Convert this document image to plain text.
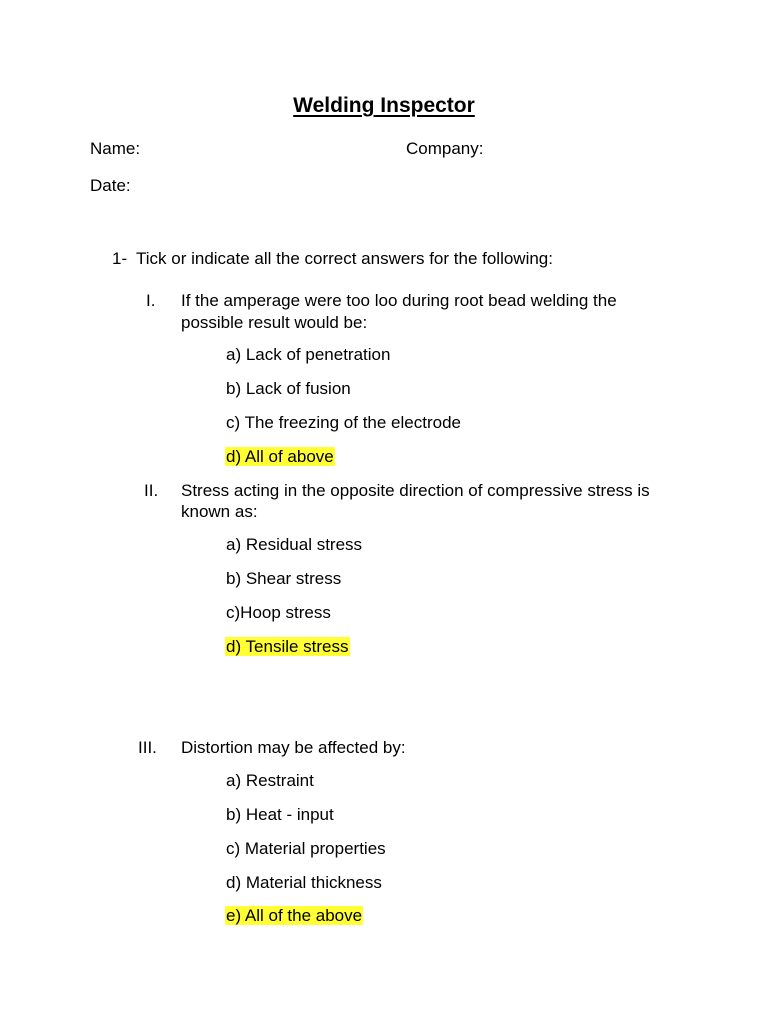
Welding Inspector
Name:	Company:
Date:
1- Tick or indicate all the correct answers for the following:
I. If the amperage were too loo during root bead welding the
possible result would be:
a) Lack of penetration
b) Lack of fusion
c) The freezing of the electrode
d) All of above
II. Stress acting in the opposite direction of compressive stress is
known as:
a) Residual stress
b) Shear stress
c)Hoop stress
d) Tensile stress
III. Distortion may be affected by:
a) Restraint
b) Heat - input
c) Material properties
d) Material thickness
e) All of the above
